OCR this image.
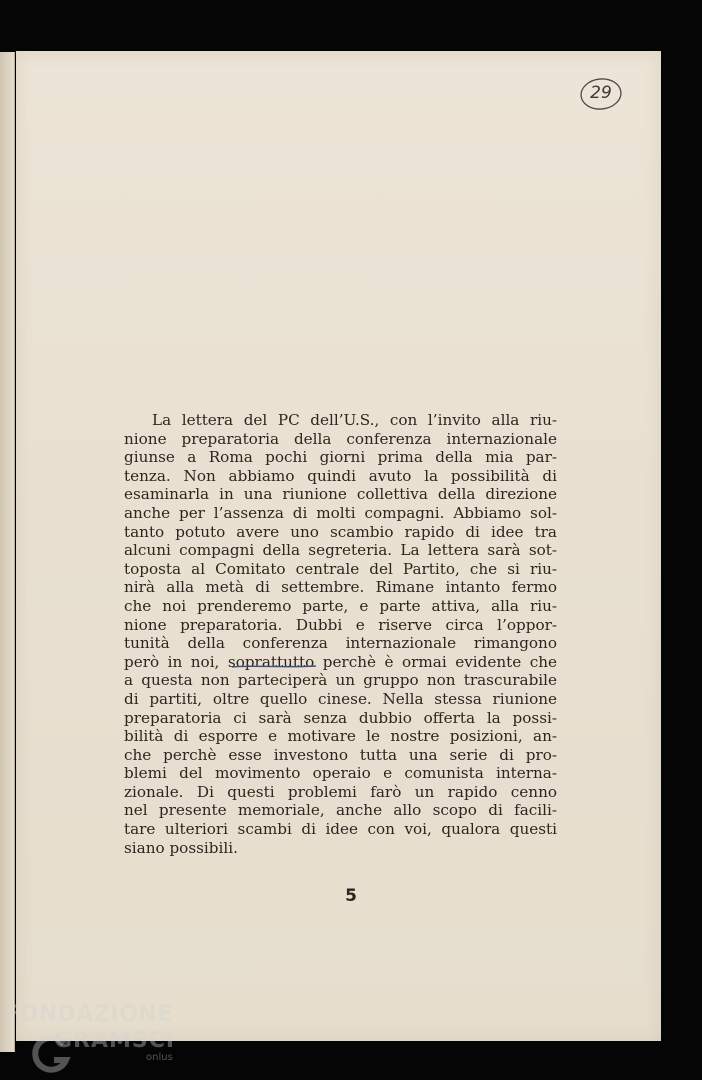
29
La lettera del PC dell’U.S., con l’invito alla riu-
nione preparatoria della conferenza internazionale
giunse a Roma pochi giorni prima della mia par-
tenza. Non abbiamo quindi avuto la possibilità di
esaminarla in una riunione collettiva della direzione
anche per l’assenza di molti compagni. Abbiamo sol-
tanto potuto avere uno scambio rapido di idee tra
alcuni compagni della segreteria. La lettera sarà sot-
toposta al Comitato centrale del Partito, che si riu-
nirà alla metà di settembre. Rimane intanto fermo
che noi prenderemo parte, e parte attiva, alla riu-
nione preparatoria. Dubbi e riserve circa l’oppor-
tunità della conferenza internazionale rimangono
però in noi, soprattutto perchè è ormai evidente che
a questa non parteciperà un gruppo non trascurabile
di partiti, oltre quello cinese. Nella stessa riunione
preparatoria ci sarà senza dubbio offerta la possi-
bilità di esporre e motivare le nostre posizioni, an-
che perchè esse investono tutta una serie di pro-
blemi del movimento operaio e comunista interna-
zionale. Di questi problemi farò un rapido cenno
nel presente memoriale, anche allo scopo di facili-
tare ulteriori scambi di idee con voi, qualora questi
siano possibili.
5
FONDAZIONE
GRAMSCI
onlus
